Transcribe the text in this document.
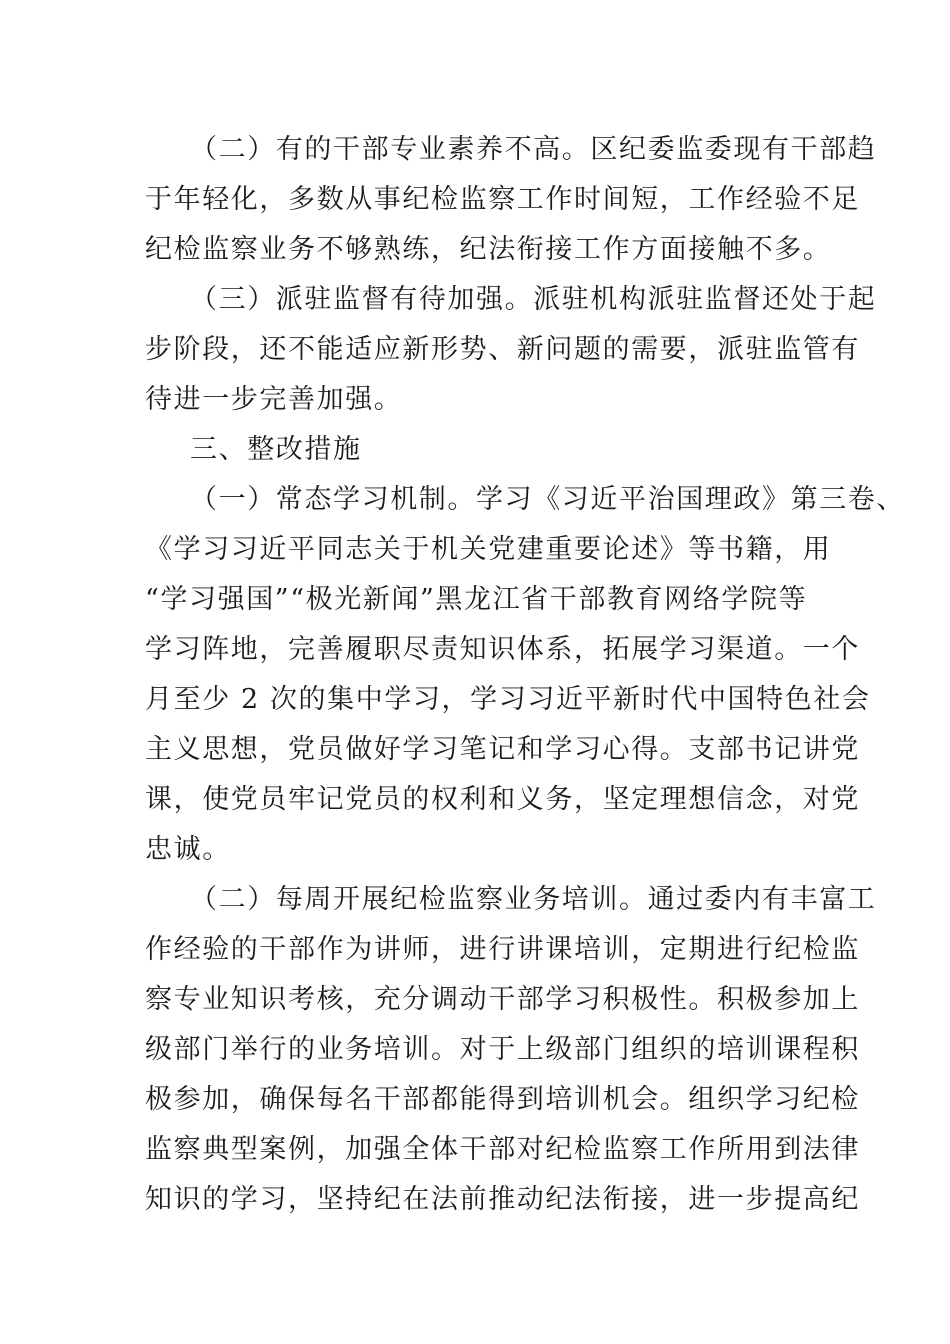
（二）有的干部专业素养不高。区纪委监委现有干部趋
于年轻化，多数从事纪检监察工作时间短，工作经验不足
纪检监察业务不够熟练，纪法衔接工作方面接触不多。
（三）派驻监督有待加强。派驻机构派驻监督还处于起
步阶段，还不能适应新形势、新问题的需要，派驻监管有
待进一步完善加强。
三、整改措施
（一）常态学习机制。学习《习近平治国理政》第三卷、
《学习习近平同志关于机关党建重要论述》等书籍，用
“学习强国”“极光新闻”黑龙江省干部教育网络学院等
学习阵地，完善履职尽责知识体系，拓展学习渠道。一个
月至少 2 次的集中学习，学习习近平新时代中国特色社会
主义思想，党员做好学习笔记和学习心得。支部书记讲党
课，使党员牢记党员的权利和义务，坚定理想信念，对党
忠诚。
（二）每周开展纪检监察业务培训。通过委内有丰富工
作经验的干部作为讲师，进行讲课培训，定期进行纪检监
察专业知识考核，充分调动干部学习积极性。积极参加上
级部门举行的业务培训。对于上级部门组织的培训课程积
极参加，确保每名干部都能得到培训机会。组织学习纪检
监察典型案例，加强全体干部对纪检监察工作所用到法律
知识的学习，坚持纪在法前推动纪法衔接，进一步提高纪
